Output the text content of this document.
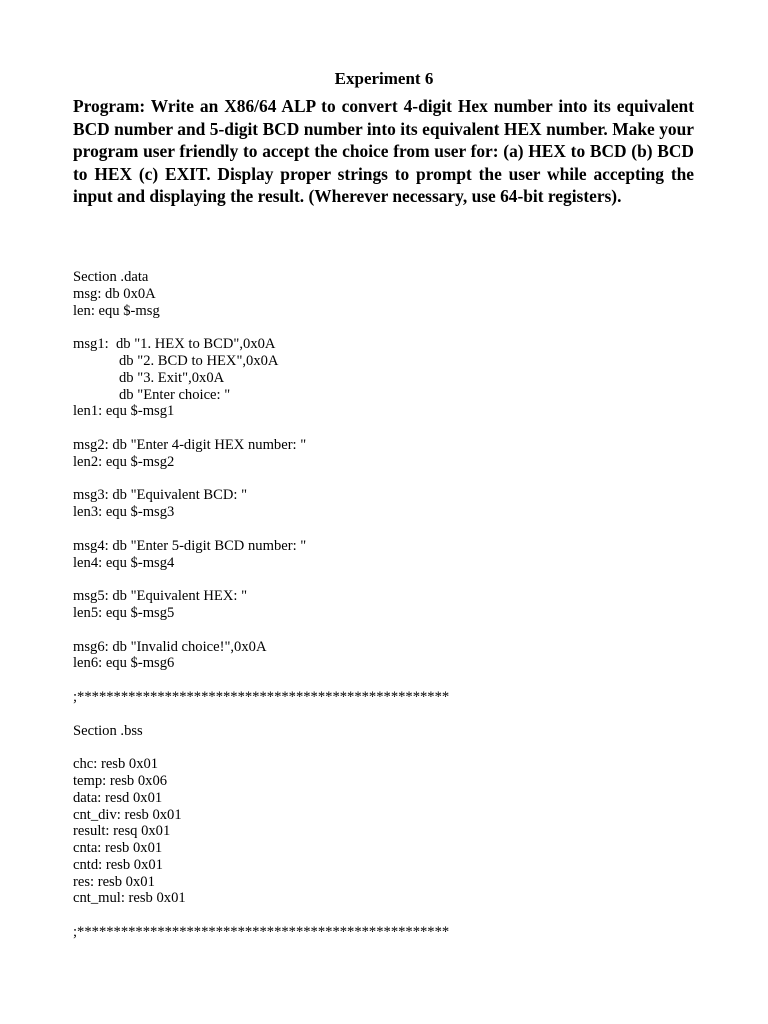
Experiment 6
Program: Write an X86/64 ALP to convert 4-digit Hex number into its equivalent BCD number and 5-digit BCD number into its equivalent HEX number. Make your program user friendly to accept the choice from user for: (a) HEX to BCD (b) BCD to HEX (c) EXIT. Display proper strings to prompt the user while accepting the input and displaying the result. (Wherever necessary, use 64-bit registers).
Section .data
msg: db 0x0A
len: equ $-msg
msg1:  db "1. HEX to BCD",0x0A
db "2. BCD to HEX",0x0A
db "3. Exit",0x0A
db "Enter choice: "
len1: equ $-msg1
msg2: db "Enter 4-digit HEX number: "
len2: equ $-msg2
msg3: db "Equivalent BCD: "
len3: equ $-msg3
msg4: db "Enter 5-digit BCD number: "
len4: equ $-msg4
msg5: db "Equivalent HEX: "
len5: equ $-msg5
msg6: db "Invalid choice!",0x0A
len6: equ $-msg6
;***************************************************
Section .bss
chc: resb 0x01
temp: resb 0x06
data: resd 0x01
cnt_div: resb 0x01
result: resq 0x01
cnta: resb 0x01
cntd: resb 0x01
res: resb 0x01
cnt_mul: resb 0x01
;***************************************************
